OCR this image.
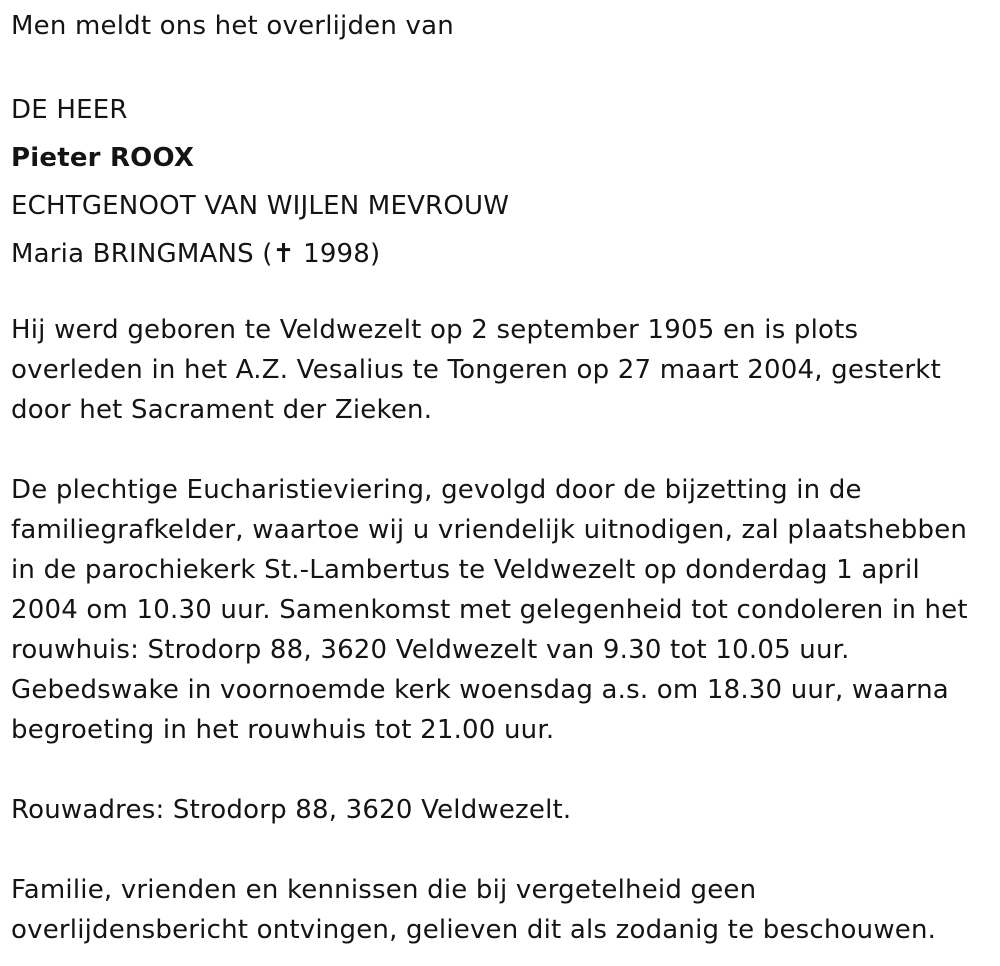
Men meldt ons het overlijden van
DE HEER
Pieter ROOX
ECHTGENOOT VAN WIJLEN MEVROUW
Maria BRINGMANS (✝ 1998)
Hij werd geboren te Veldwezelt op 2 september 1905 en is plots
overleden in het A.Z. Vesalius te Tongeren op 27 maart 2004, gesterkt
door het Sacrament der Zieken.
De plechtige Eucharistieviering, gevolgd door de bijzetting in de
familiegrafkelder, waartoe wij u vriendelijk uitnodigen, zal plaatshebben
in de parochiekerk St.-Lambertus te Veldwezelt op donderdag 1 april
2004 om 10.30 uur. Samenkomst met gelegenheid tot condoleren in het
rouwhuis: Strodorp 88, 3620 Veldwezelt van 9.30 tot 10.05 uur.
Gebedswake in voornoemde kerk woensdag a.s. om 18.30 uur, waarna
begroeting in het rouwhuis tot 21.00 uur.
Rouwadres: Strodorp 88, 3620 Veldwezelt.
Familie, vrienden en kennissen die bij vergetelheid geen
overlijdensbericht ontvingen, gelieven dit als zodanig te beschouwen.
